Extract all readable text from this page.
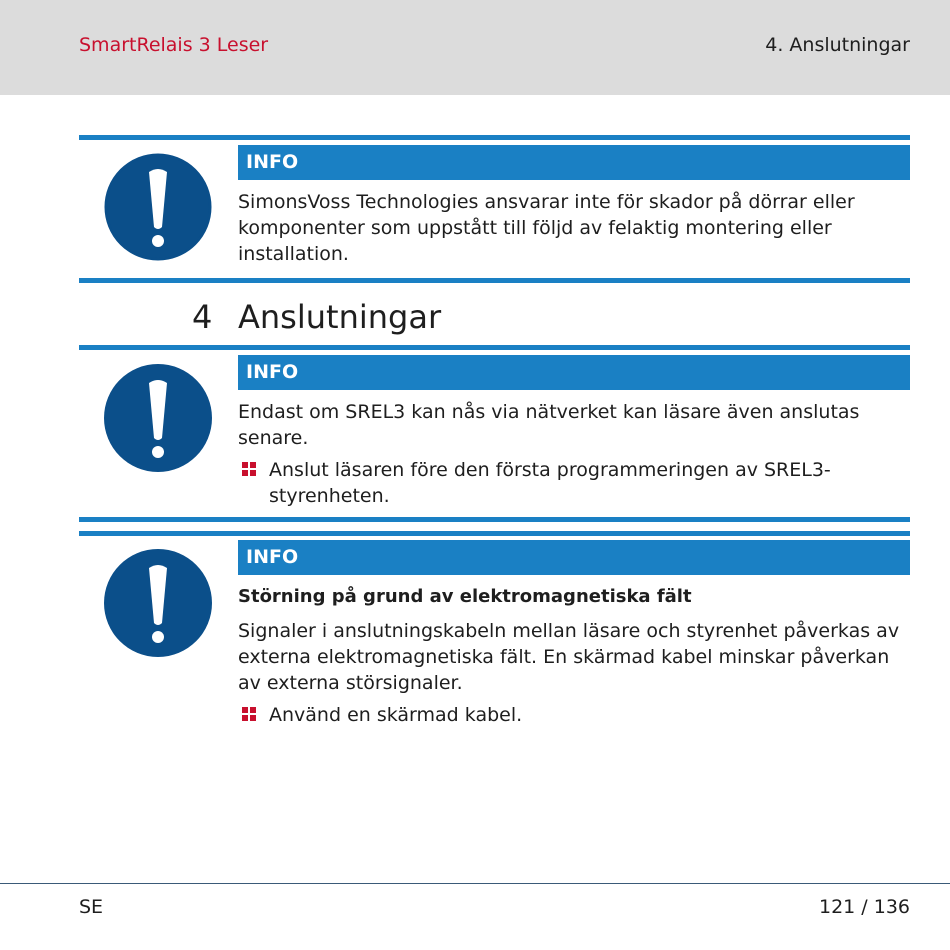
SmartRelais 3 Leser	4. Anslutningar
INFO

SimonsVoss Technologies ansvarar inte för skador på dörrar eller komponenter som uppstått till följd av felaktig montering eller installation.

4 Anslutningar
INFO

Endast om SREL3 kan nås via nätverket kan läsare även anslutas senare.

Anslut läsaren före den första programmeringen av SREL3-styrenheten.

INFO

Störning på grund av elektromagnetiska fält

Signaler i anslutningskabeln mellan läsare och styrenhet påverkas av externa elektromagnetiska fält. En skärmad kabel minskar påverkan av externa störsignaler.

Använd en skärmad kabel.

SE	121 / 136
